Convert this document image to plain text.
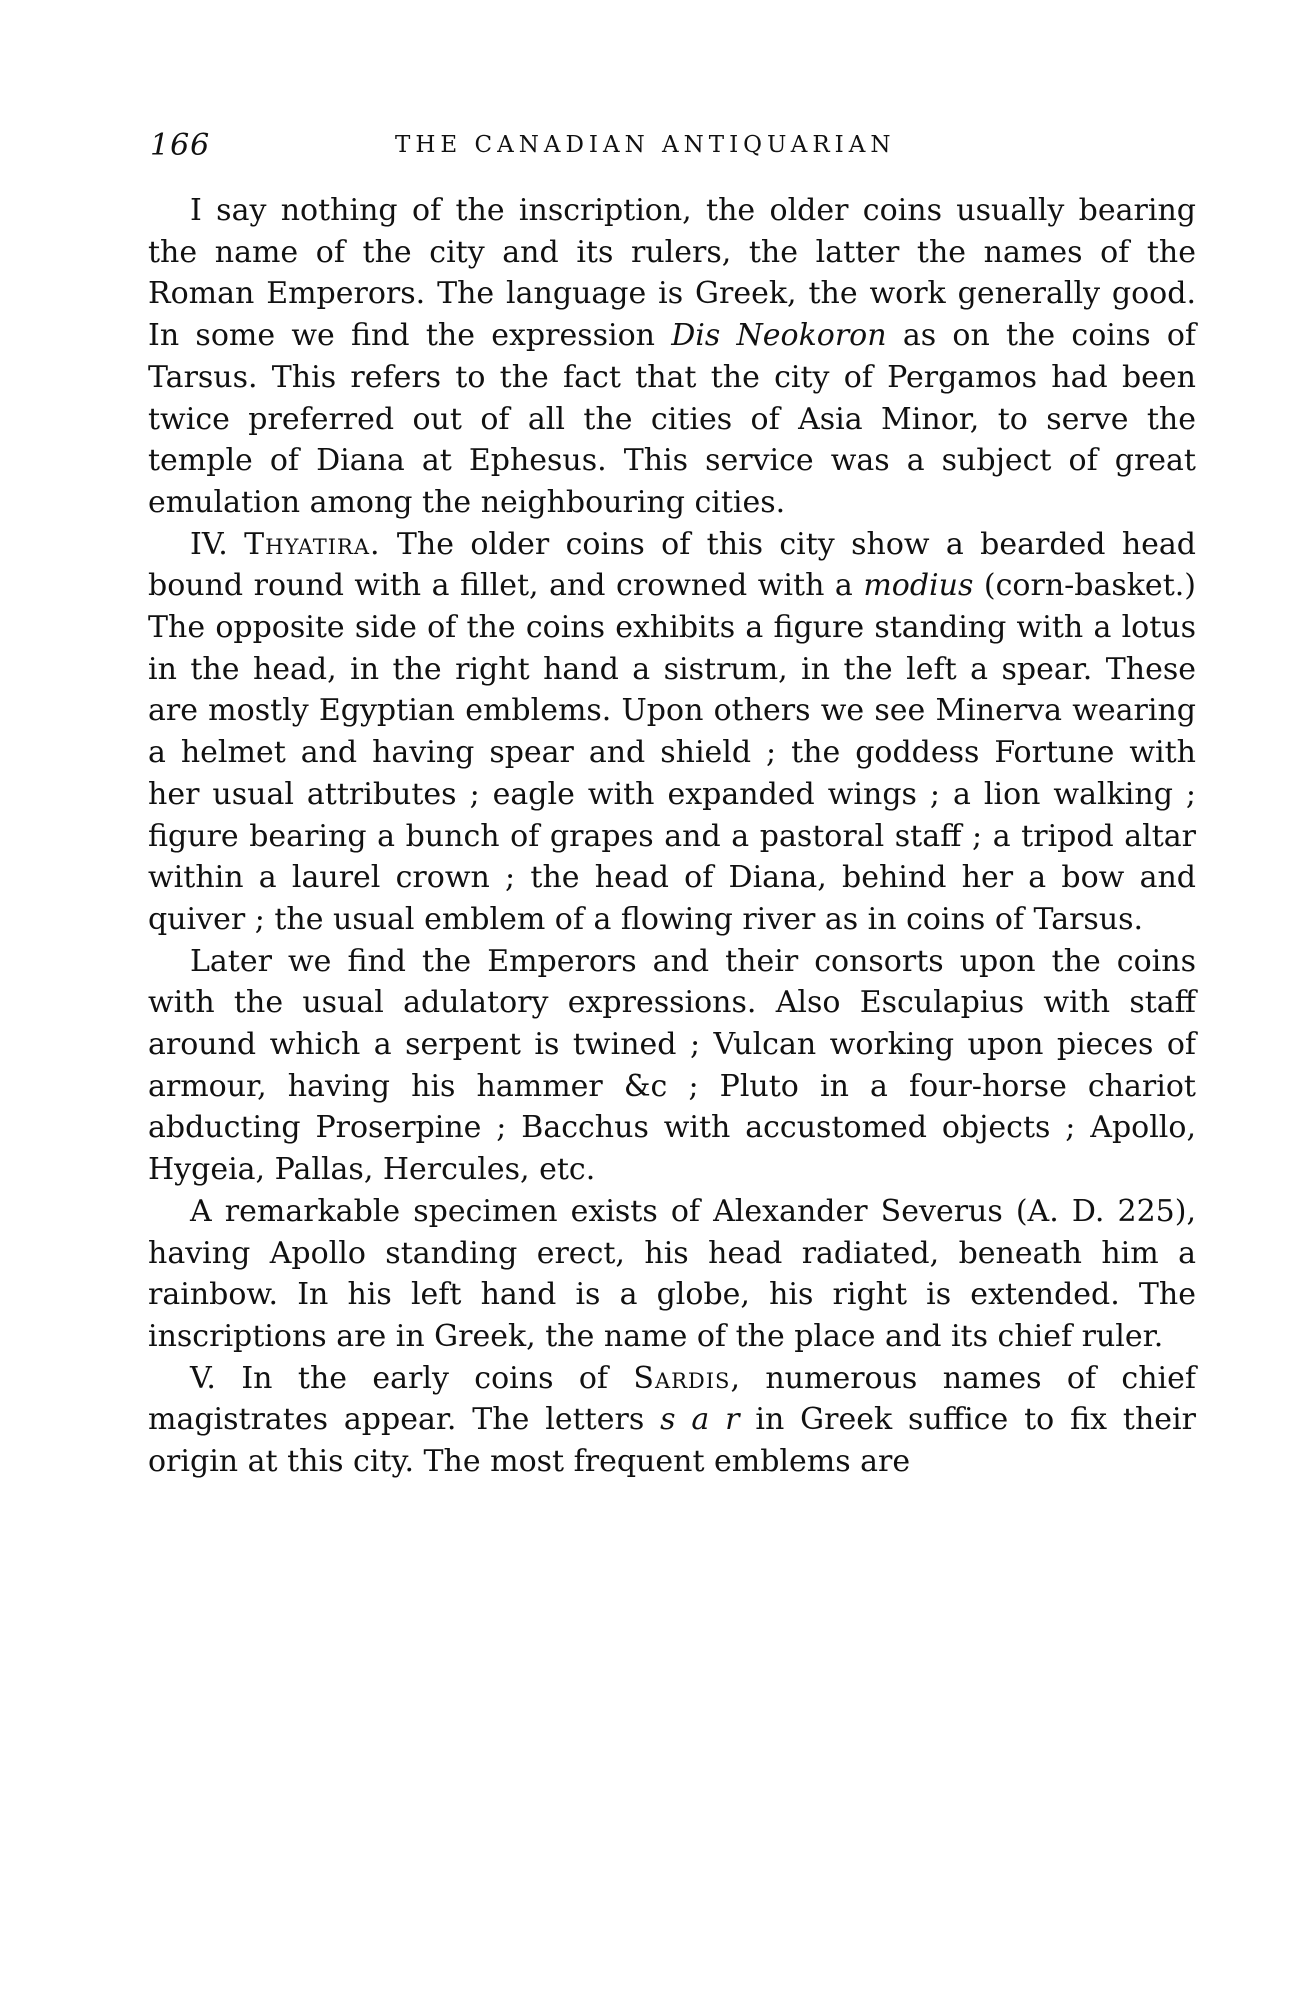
166	THE CANADIAN ANTIQUARIAN

I say nothing of the inscription, the older coins usually bearing the name of the city and its rulers, the latter the names of the Roman Emperors. The language is Greek, the work generally good. In some we find the expression Dis Neokoron as on the coins of Tarsus. This refers to the fact that the city of Pergamos had been twice preferred out of all the cities of Asia Minor, to serve the temple of Diana at Ephesus. This service was a subject of great emulation among the neighbouring cities.

IV. Thyatira. The older coins of this city show a bearded head bound round with a fillet, and crowned with a modius (corn-basket.) The opposite side of the coins exhibits a figure standing with a lotus in the head, in the right hand a sistrum, in the left a spear. These are mostly Egyptian emblems. Upon others we see Minerva wearing a helmet and having spear and shield ; the goddess Fortune with her usual attributes ; eagle with expanded wings ; a lion walking ; figure bearing a bunch of grapes and a pastoral staff ; a tripod altar within a laurel crown ; the head of Diana, behind her a bow and quiver ; the usual emblem of a flowing river as in coins of Tarsus.

Later we find the Emperors and their consorts upon the coins with the usual adulatory expressions. Also Esculapius with staff around which a serpent is twined ; Vulcan working upon pieces of armour, having his hammer &c ; Pluto in a four-horse chariot abducting Proserpine ; Bacchus with accustomed objects ; Apollo, Hygeia, Pallas, Hercules, etc.

A remarkable specimen exists of Alexander Severus (A. D. 225), having Apollo standing erect, his head radiated, beneath him a rainbow. In his left hand is a globe, his right is extended. The inscriptions are in Greek, the name of the place and its chief ruler.

V. In the early coins of Sardis, numerous names of chief magistrates appear. The letters s a r in Greek suffice to fix their origin at this city. The most frequent emblems are
